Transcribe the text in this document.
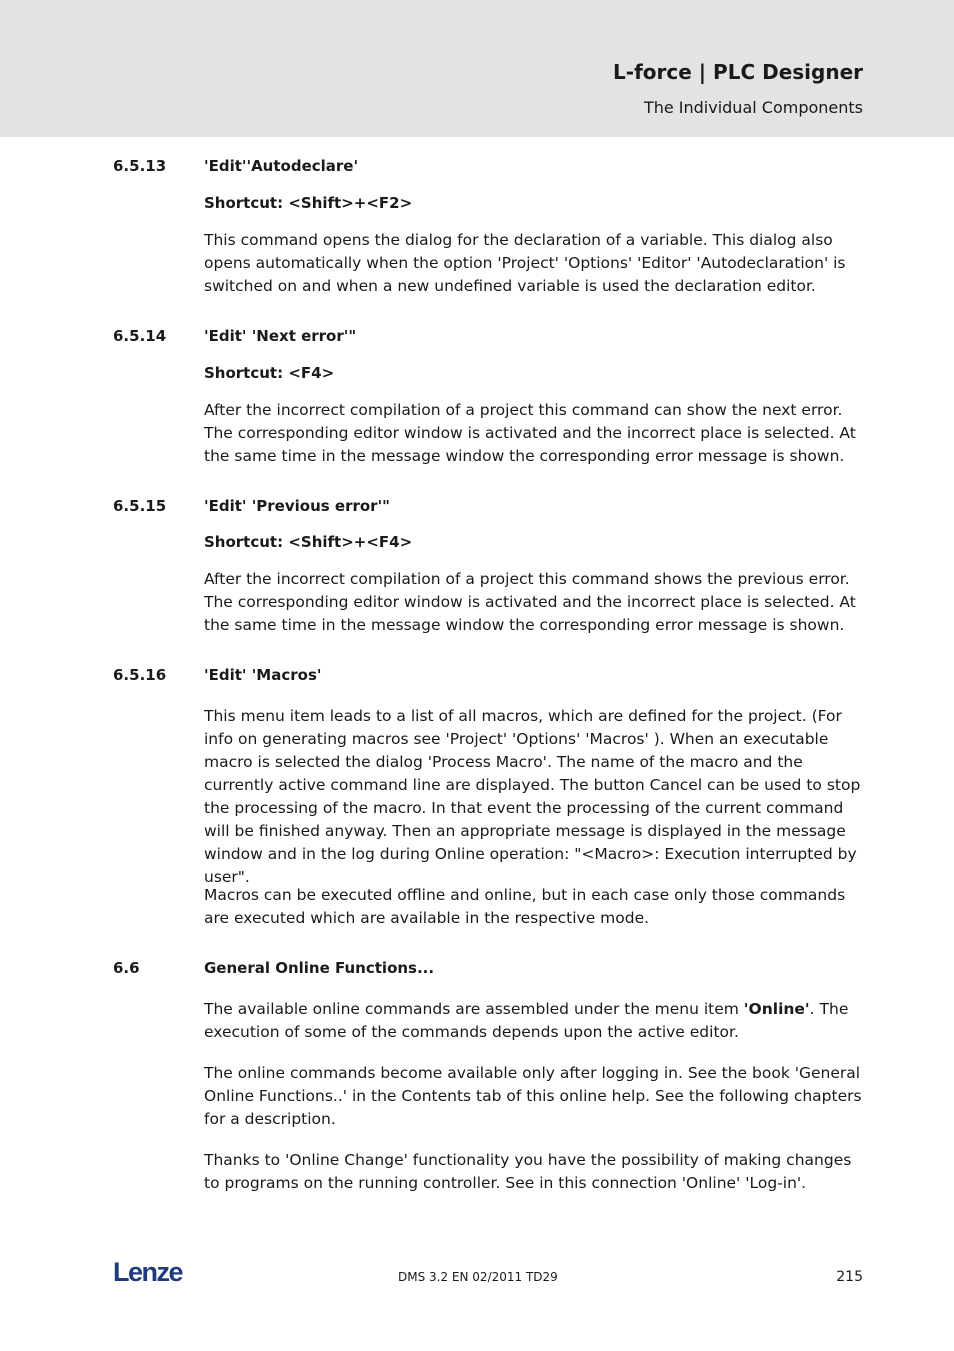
L-force | PLC Designer
The Individual Components
6.5.13	'Edit''Autodeclare'
Shortcut: <Shift>+<F2>

This command opens the dialog for the declaration of a variable. This dialog also opens automatically when the option 'Project' 'Options' 'Editor' 'Autodeclaration' is switched on and when a new undefined variable is used the declaration editor.

6.5.14	'Edit' 'Next error'"
Shortcut: <F4>

After the incorrect compilation of a project this command can show the next error. The corresponding editor window is activated and the incorrect place is selected. At the same time in the message window the corresponding error message is shown.

6.5.15	'Edit' 'Previous error'"
Shortcut: <Shift>+<F4>

After the incorrect compilation of a project this command shows the previous error. The corresponding editor window is activated and the incorrect place is selected. At the same time in the message window the corresponding error message is shown.

6.5.16	'Edit' 'Macros'

This menu item leads to a list of all macros, which are defined for the project. (For info on generating macros see 'Project' 'Options' 'Macros' ). When an executable macro is selected the dialog 'Process Macro'. The name of the macro and the currently active command line are displayed. The button Cancel can be used to stop the processing of the macro. In that event the processing of the current command will be finished anyway. Then an appropriate message is displayed in the message window and in the log during Online operation: "<Macro>: Execution interrupted by user".

Macros can be executed offline and online, but in each case only those commands are executed which are available in the respective mode.

6.6	General Online Functions...

The available online commands are assembled under the menu item 'Online'. The execution of some of the commands depends upon the active editor.

The online commands become available only after logging in. See the book 'General Online Functions..' in the Contents tab of this online help. See the following chapters for a description.

Thanks to 'Online Change' functionality you have the possibility of making changes to programs on the running controller. See in this connection 'Online' 'Log-in'.

Lenze	DMS 3.2 EN 02/2011 TD29	215
